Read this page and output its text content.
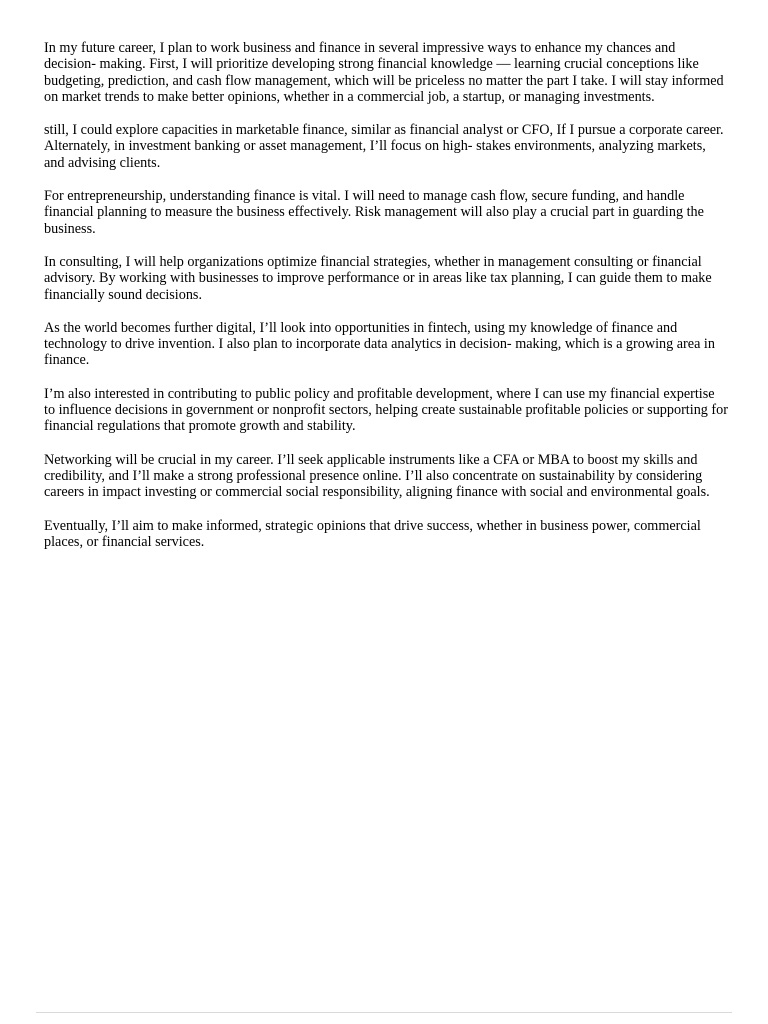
In my future career, I plan to work business and finance in several impressive ways to enhance my chances and decision- making. First, I will prioritize developing strong financial knowledge — learning crucial conceptions like budgeting, prediction, and cash flow management, which will be priceless no matter the part I take. I will stay informed on market trends to make better opinions, whether in a commercial job, a startup, or managing investments.

still, I could explore capacities in marketable finance, similar as financial analyst or CFO, If I pursue a corporate career. Alternately, in investment banking or asset management, I’ll focus on high- stakes environments, analyzing markets, and advising clients.

For entrepreneurship, understanding finance is vital. I will need to manage cash flow, secure funding, and handle financial planning to measure the business effectively. Risk management will also play a crucial part in guarding the business.

In consulting, I will help organizations optimize financial strategies, whether in management consulting or financial advisory. By working with businesses to improve performance or in areas like tax planning, I can guide them to make financially sound decisions.

As the world becomes further digital, I’ll look into opportunities in fintech, using my knowledge of finance and technology to drive invention. I also plan to incorporate data analytics in decision- making, which is a growing area in finance.

I’m also interested in contributing to public policy and profitable development, where I can use my financial expertise to influence decisions in government or nonprofit sectors, helping create sustainable profitable policies or supporting for financial regulations that promote growth and stability.

Networking will be crucial in my career. I’ll seek applicable instruments like a CFA or MBA to boost my skills and credibility, and I’ll make a strong professional presence online. I’ll also concentrate on sustainability by considering careers in impact investing or commercial social responsibility, aligning finance with social and environmental goals.

Eventually, I’ll aim to make informed, strategic opinions that drive success, whether in business power, commercial places, or financial services.
